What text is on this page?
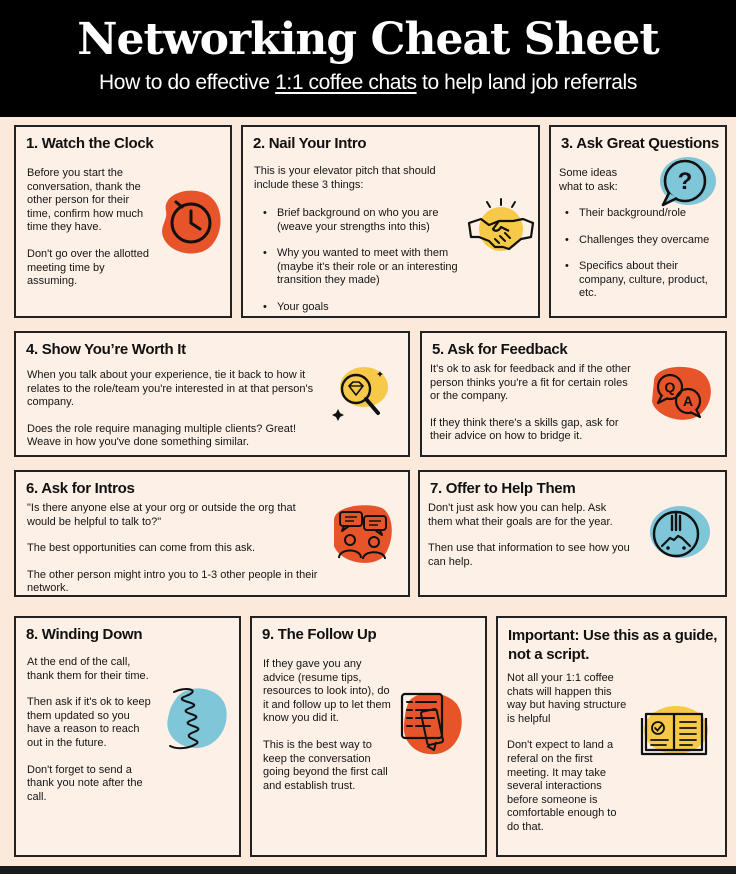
Networking Cheat Sheet
How to do effective 1:1 coffee chats to help land job referrals
1. Watch the Clock

Before you start the conversation, thank the other person for their time, confirm how much time they have.

Don't go over the allotted meeting time by assuming.

2. Nail Your Intro

This is your elevator pitch that should include these 3 things:

• Brief background on who you are (weave your strengths into this)
• Why you wanted to meet with them (maybe it's their role or an interesting transition they made)
• Your goals
3. Ask Great Questions

Some ideas what to ask:

• Their background/role
• Challenges they overcame
• Specifics about their company, culture, product, etc.
?
4. Show You’re Worth It

When you talk about your experience, tie it back to how it relates to the role/team you're interested in at that person's company.

Does the role require managing multiple clients? Great! Weave in how you've done something similar.

5. Ask for Feedback

It's ok to ask for feedback and if the other person thinks you're a fit for certain roles or the company.

If they think there's a skills gap, ask for their advice on how to bridge it.

Q
A
6. Ask for Intros

"Is there anyone else at your org or outside the org that would be helpful to talk to?"

The best opportunities can come from this ask.

The other person might intro you to 1-3 other people in their network.

7. Offer to Help Them

Don't just ask how you can help. Ask them what their goals are for the year.

Then use that information to see how you can help.

8. Winding Down

At the end of the call, thank them for their time.

Then ask if it's ok to keep them updated so you have a reason to reach out in the future.

Don't forget to send a thank you note after the call.

9. The Follow Up

If they gave you any advice (resume tips, resources to look into), do it and follow up to let them know you did it.

This is the best way to keep the conversation going beyond the first call and establish trust.

Important: Use this as a guide, not a script.

Not all your 1:1 coffee chats will happen this way but having structure is helpful

Don't expect to land a referal on the first meeting. It may take several interactions before someone is comfortable enough to do that.
